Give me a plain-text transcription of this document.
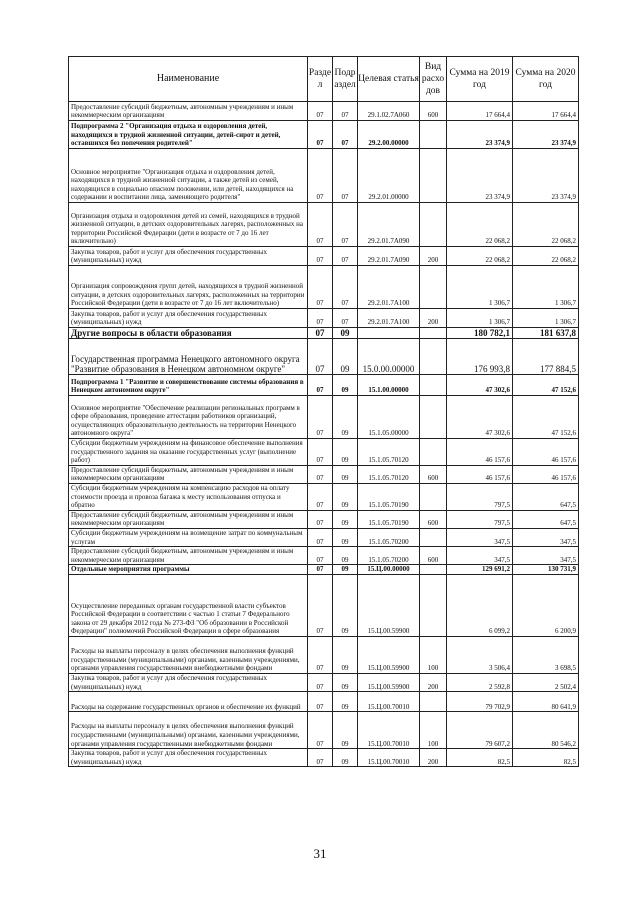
Наименование	Разде л	Подр аздел	Целевая статья	Вид расхо дов	Сумма на 2019 год	Сумма на 2020 год
Предоставление субсидий бюджетным, автономным учреждениям и иным некоммерческим организациям	07	07	29.1.02.7А060	600	17 664,4	17 664,4
Подпрограмма 2 "Организация отдыха и оздоровления детей, находящихся в трудной жизненной ситуации, детей-сирот и детей, оставшихся без попечения родителей"	07	07	29.2.00.00000		23 374,9	23 374,9
Основное мероприятие "Организация отдыха и оздоровления детей, находящихся в трудной жизненной ситуации, а также детей из семей, находящихся в социально опасном положении, или детей, находящихся на содержании и воспитании лица, заменяющего родителя"	07	07	29.2.01.00000		23 374,9	23 374,9
Организация отдыха и оздоровления детей из семей, находящихся в трудной жизненной ситуации, в детских оздоровительных лагерях, расположенных на территории Российской Федерации (дети в возрасте от 7 до 16 лет включительно)	07	07	29.2.01.7А090		22 068,2	22 068,2
Закупка товаров, работ и услуг для обеспечения государственных (муниципальных) нужд	07	07	29.2.01.7А090	200	22 068,2	22 068,2
Организация сопровождения групп детей, находящихся в трудной жизненной ситуации, в детских оздоровительных лагерях, расположенных на территории Российской Федерации (дети в возрасте от 7 до 16 лет включительно)	07	07	29.2.01.7А100		1 306,7	1 306,7
Закупка товаров, работ и услуг для обеспечения государственных (муниципальных) нужд	07	07	29.2.01.7А100	200	1 306,7	1 306,7
Другие вопросы в области образования	07	09			180 782,1	181 637,8
Государственная программа Ненецкого автономного округа "Развитие образования в Ненецком автономном округе"	07	09	15.0.00.00000		176 993,8	177 884,5
Подпрограмма 1 "Развитие и совершенствование системы образования в Ненецком автономном округе"	07	09	15.1.00.00000		47 302,6	47 152,6
Основное мероприятие "Обеспечение реализации региональных программ в сфере образования, проведение аттестации работников организаций, осуществляющих образовательную деятельность на территории Ненецкого автономного округа"	07	09	15.1.05.00000		47 302,6	47 152,6
Субсидии бюджетным учреждениям на финансовое обеспечение выполнения государственного задания на оказание государственных услуг (выполнение работ)	07	09	15.1.05.70120		46 157,6	46 157,6
Предоставление субсидий бюджетным, автономным учреждениям и иным некоммерческим организациям	07	09	15.1.05.70120	600	46 157,6	46 157,6
Субсидии бюджетным учреждениям на компенсацию расходов на оплату стоимости проезда и провоза багажа к месту использования отпуска и обратно	07	09	15.1.05.70190		797,5	647,5
Предоставление субсидий бюджетным, автономным учреждениям и иным некоммерческим организациям	07	09	15.1.05.70190	600	797,5	647,5
Субсидии бюджетным учреждениям на возмещение затрат по коммунальным услугам	07	09	15.1.05.70200		347,5	347,5
Предоставление субсидий бюджетным, автономным учреждениям и иным некоммерческим организациям	07	09	15.1.05.70200	600	347,5	347,5
Отдельные мероприятия программы	07	09	15.Ц.00.00000		129 691,2	130 731,9
Осуществление переданных органам государственной власти субъектов Российской Федерации в соответствии с частью 1 статьи 7 Федерального закона от 29 декабря 2012 года № 273-ФЗ "Об образовании в Российской Федерации" полномочий Российской Федерации в сфере образования	07	09	15.Ц.00.59900		6 099,2	6 200,9
Расходы на выплаты персоналу в целях обеспечения выполнения функций государственными (муниципальными) органами, казенными учреждениями, органами управления государственными внебюджетными фондами	07	09	15.Ц.00.59900	100	3 506,4	3 698,5
Закупка товаров, работ и услуг для обеспечения государственных (муниципальных) нужд	07	09	15.Ц.00.59900	200	2 592,8	2 502,4
Расходы на содержание государственных органов и обеспечение их функций	07	09	15.Ц.00.70010		79 702,9	80 641,9
Расходы на выплаты персоналу в целях обеспечения выполнения функций государственными (муниципальными) органами, казенными учреждениями, органами управления государственными внебюджетными фондами	07	09	15.Ц.00.70010	100	79 607,2	80 546,2
Закупка товаров, работ и услуг для обеспечения государственных (муниципальных) нужд	07	09	15.Ц.00.70010	200	82,5	82,5
31
